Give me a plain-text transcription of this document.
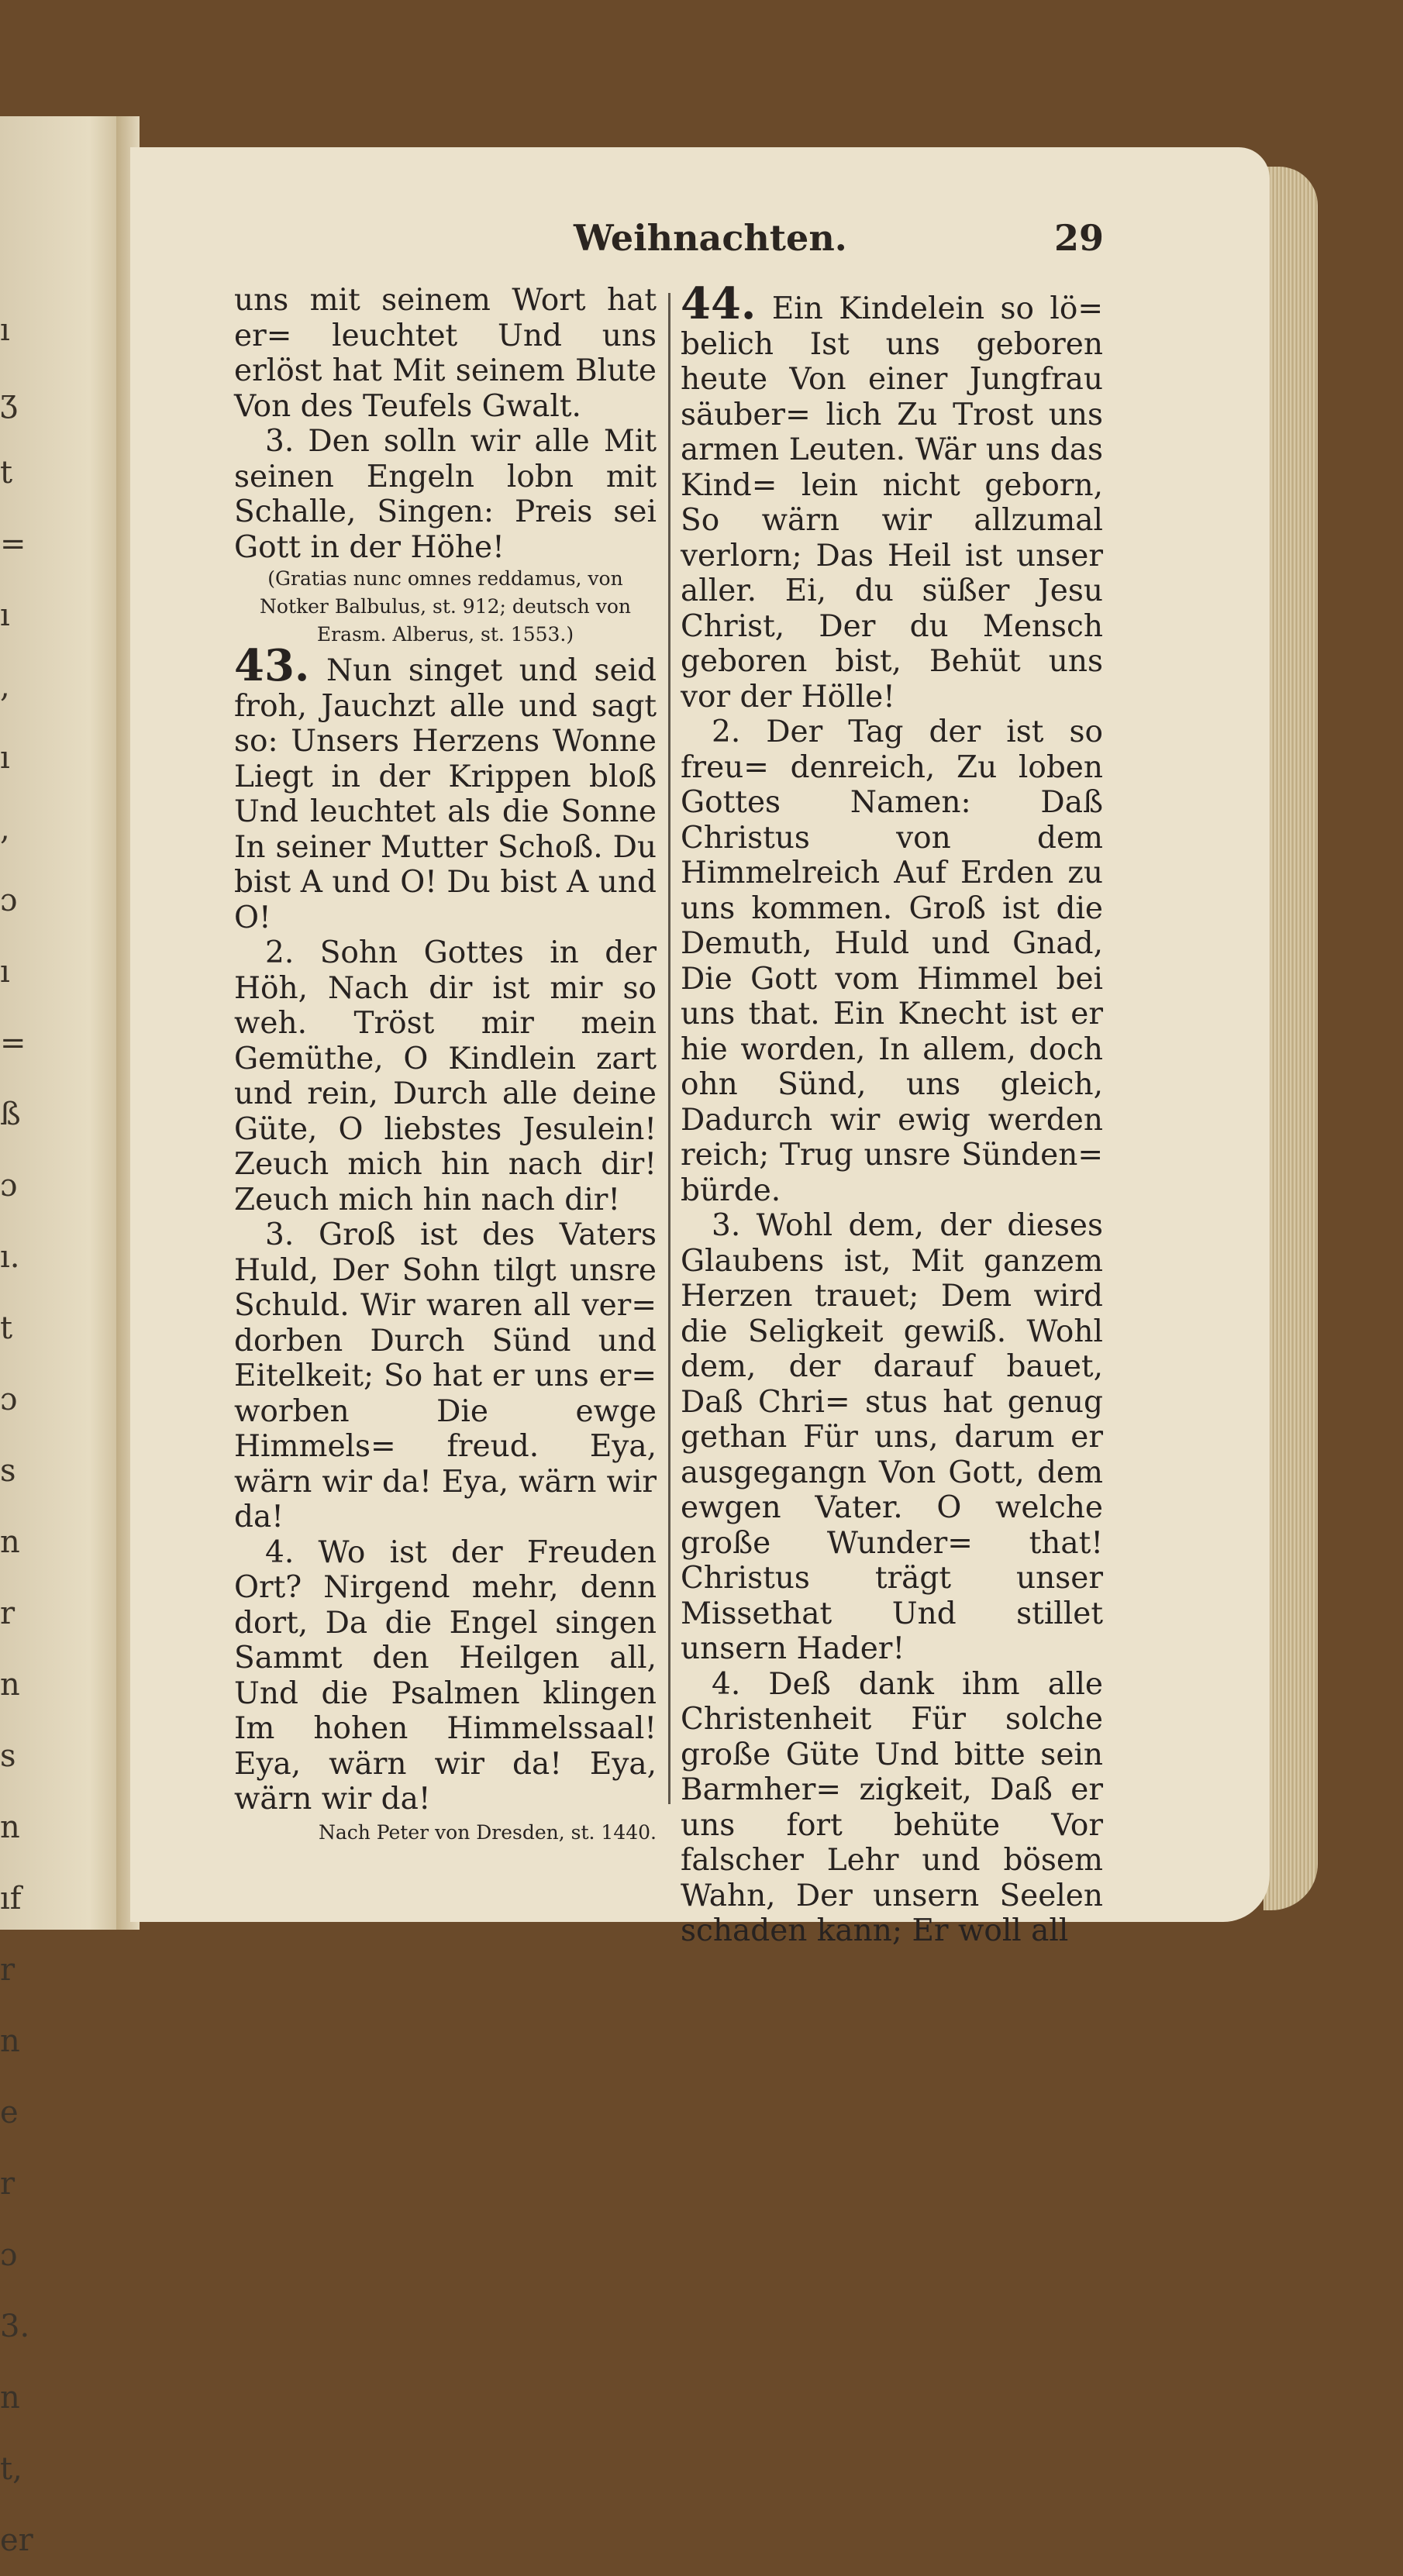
ı
ʒ
t
=
ı
,
ı
,
ɔ
ı
=
ß
ɔ
ı.
t
ɔ
s
n
r
n
s
n
ıf
r
n
e
r
ɔ
3.
n
t,
er
Weihnachten.	29

uns mit seinem Wort hat er= leuchtet Und uns erlöst hat Mit seinem Blute Von des Teufels Gwalt.

3. Den solln wir alle Mit seinen Engeln lobn mit Schalle, Singen: Preis sei Gott in der Höhe!

(Gratias nunc omnes reddamus, von Notker Balbulus, st. 912; deutsch von Erasm. Alberus, st. 1553.)

43. Nun singet und seid froh, Jauchzt alle und sagt so: Unsers Herzens Wonne Liegt in der Krippen bloß Und leuchtet als die Sonne In seiner Mutter Schoß. Du bist A und O! Du bist A und O!

2. Sohn Gottes in der Höh, Nach dir ist mir so weh. Tröst mir mein Gemüthe, O Kindlein zart und rein, Durch alle deine Güte, O liebstes Jesulein! Zeuch mich hin nach dir! Zeuch mich hin nach dir!

3. Groß ist des Vaters Huld, Der Sohn tilgt unsre Schuld. Wir waren all ver= dorben Durch Sünd und Eitelkeit; So hat er uns er= worben Die ewge Himmels= freud. Eya, wärn wir da! Eya, wärn wir da!

4. Wo ist der Freuden Ort? Nirgend mehr, denn dort, Da die Engel singen Sammt den Heilgen all, Und die Psalmen klingen Im hohen Himmelssaal! Eya, wärn wir da! Eya, wärn wir da!

Nach Peter von Dresden, st. 1440.

44. Ein Kindelein so lö= belich Ist uns geboren heute Von einer Jungfrau säuber= lich Zu Trost uns armen Leuten. Wär uns das Kind= lein nicht geborn, So wärn wir allzumal verlorn; Das Heil ist unser aller. Ei, du süßer Jesu Christ, Der du Mensch geboren bist, Behüt uns vor der Hölle!

2. Der Tag der ist so freu= denreich, Zu loben Gottes Namen: Daß Christus von dem Himmelreich Auf Erden zu uns kommen. Groß ist die Demuth, Huld und Gnad, Die Gott vom Himmel bei uns that. Ein Knecht ist er hie worden, In allem, doch ohn Sünd, uns gleich, Dadurch wir ewig werden reich; Trug unsre Sünden= bürde.

3. Wohl dem, der dieses Glaubens ist, Mit ganzem Herzen trauet; Dem wird die Seligkeit gewiß. Wohl dem, der darauf bauet, Daß Chri= stus hat genug gethan Für uns, darum er ausgegangn Von Gott, dem ewgen Vater. O welche große Wunder= that! Christus trägt unser Missethat Und stillet unsern Hader!

4. Deß dank ihm alle Christenheit Für solche große Güte Und bitte sein Barmher= zigkeit, Daß er uns fort behüte Vor falscher Lehr und bösem Wahn, Der unsern Seelen schaden kann; Er woll all
